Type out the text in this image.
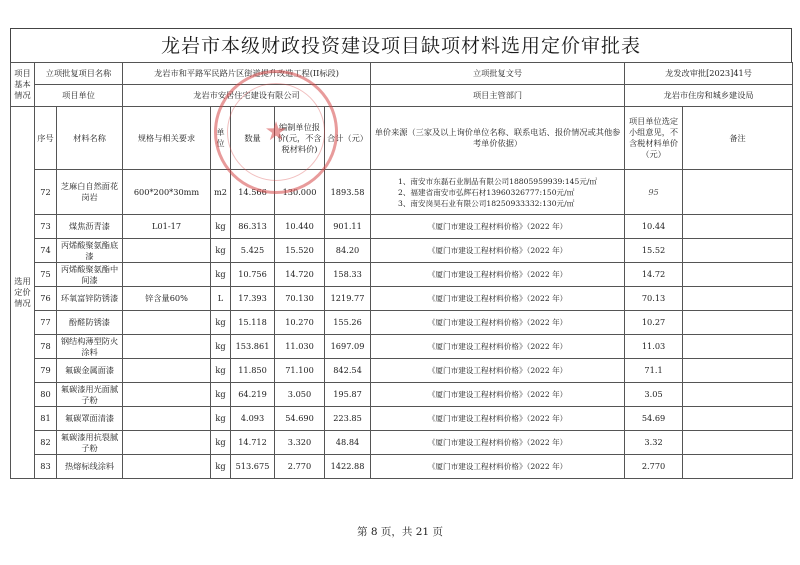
龙岩市本级财政投资建设项目缺项材料选用定价审批表
项目基本情况	立项批复项目名称		龙岩市和平路军民路片区街道提升改造工程(II标段)					立项批复文号	龙发改审批[2023]41号	
	项目单位		龙岩市安居住宅建设有限公司					项目主管部门	龙岩市住房和城乡建设局	
选用定价情况	序号	材料名称	规格与相关要求	单位	数量	编制单位报价(元，不含税材料价)	合计（元）	单价来源（三家及以上询价单位名称、联系电话、报价情况或其他参考单价依据）	项目单位选定小组意见，不含税材料单价（元）	备注
	72	芝麻白自然面花岗岩	600*200*30mm	m2	14.566	130.000	1893.58	1、南安市东磊石业制品有限公司18805959939:145元/㎡
2、福建省南安市弘辉石材13960326777:150元/㎡
3、南安岗昊石业有限公司18250933332:130元/㎡	95	
	73	煤焦沥青漆	L01-17	kg	86.313	10.440	901.11	《厦门市建设工程材料价格》（2022 年）	10.44	
	74	丙烯酸聚氨酯底漆		kg	5.425	15.520	84.20	《厦门市建设工程材料价格》（2022 年）	15.52	
	75	丙烯酸聚氨酯中间漆		kg	10.756	14.720	158.33	《厦门市建设工程材料价格》（2022 年）	14.72	
	76	环氧富锌防锈漆	锌含量60%	L	17.393	70.130	1219.77	《厦门市建设工程材料价格》（2022 年）	70.13	
	77	酚醛防锈漆		kg	15.118	10.270	155.26	《厦门市建设工程材料价格》（2022 年）	10.27	
	78	钢结构薄型防火涂料		kg	153.861	11.030	1697.09	《厦门市建设工程材料价格》（2022 年）	11.03	
	79	氟碳金属面漆		kg	11.850	71.100	842.54	《厦门市建设工程材料价格》（2022 年）	71.1	
	80	氟碳漆用光面腻子粉		kg	64.219	3.050	195.87	《厦门市建设工程材料价格》（2022 年）	3.05	
	81	氟碳罩面清漆		kg	4.093	54.690	223.85	《厦门市建设工程材料价格》（2022 年）	54.69	
	82	氟碳漆用抗裂腻子粉		kg	14.712	3.320	48.84	《厦门市建设工程材料价格》（2022 年）	3.32	
	83	热熔标线涂料		kg	513.675	2.770	1422.88	《厦门市建设工程材料价格》（2022 年）	2.770	
★
第 8 页，共 21 页
